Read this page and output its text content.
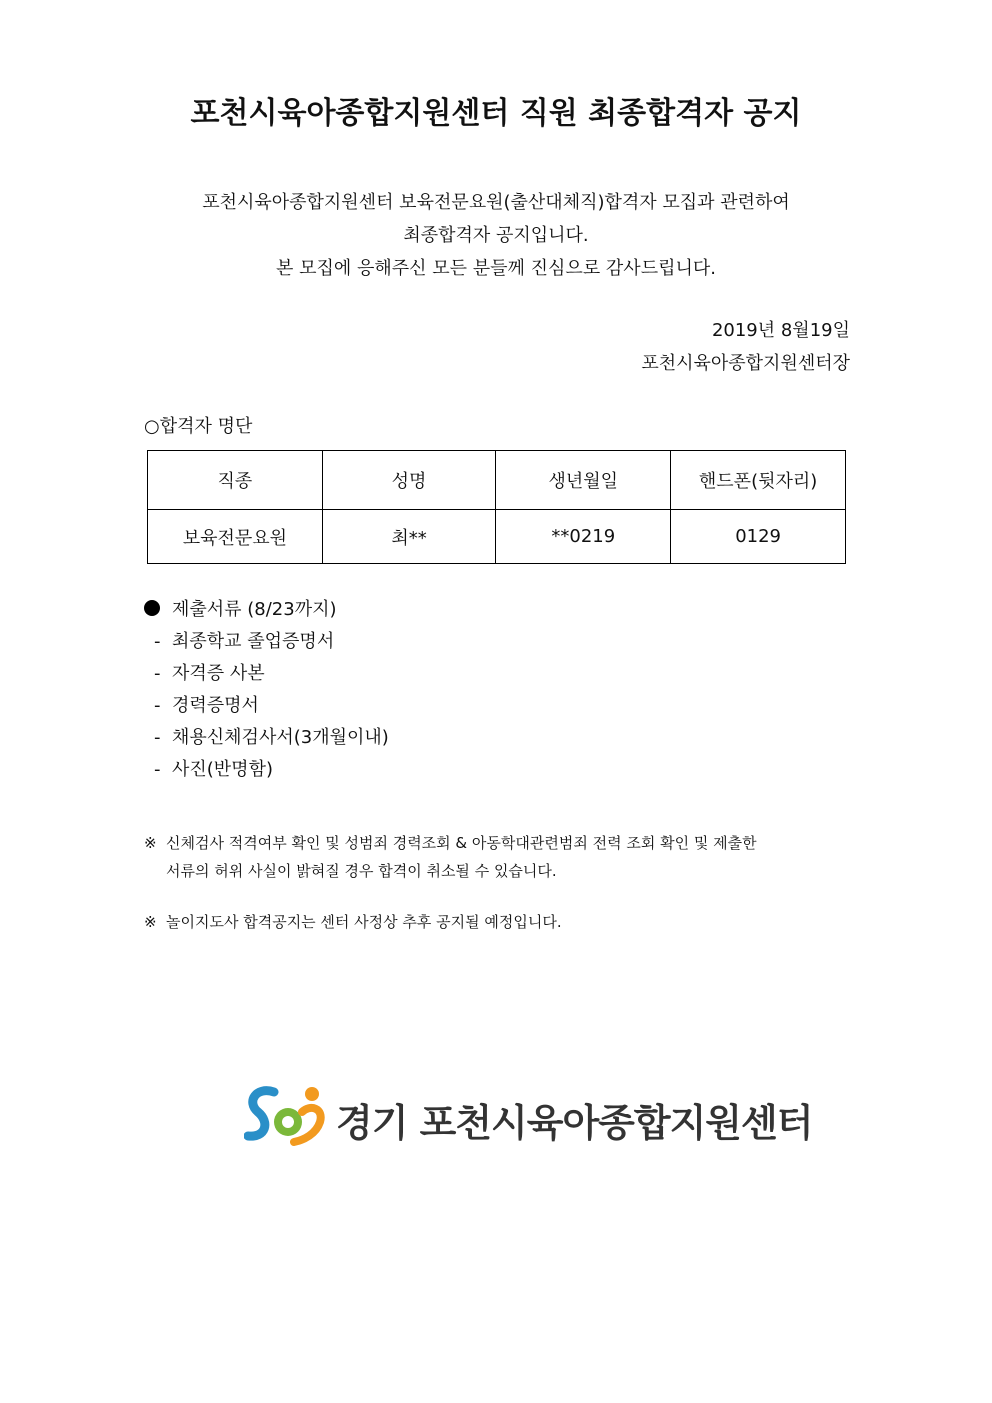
포천시육아종합지원센터 직원 최종합격자 공지
포천시육아종합지원센터 보육전문요원(출산대체직)합격자 모집과 관련하여
최종합격자 공지입니다.
본 모집에 응해주신 모든 분들께 진심으로 감사드립니다.
2019년 8월19일
포천시육아종합지원센터장
○합격자 명단
직종	성명	생년월일	핸드폰(뒷자리)
보육전문요원	최**	**0219	0129
제출서류 (8/23까지)
- 최종학교 졸업증명서
- 자격증 사본
- 경력증명서
- 채용신체검사서(3개월이내)
- 사진(반명함)
※ 신체검사 적격여부 확인 및 성범죄 경력조회 & 아동학대관련범죄 전력 조회 확인 및 제출한
서류의 허위 사실이 밝혀질 경우 합격이 취소될 수 있습니다.
※ 놀이지도사 합격공지는 센터 사정상 추후 공지될 예정입니다.
경기 포천시육아종합지원센터
